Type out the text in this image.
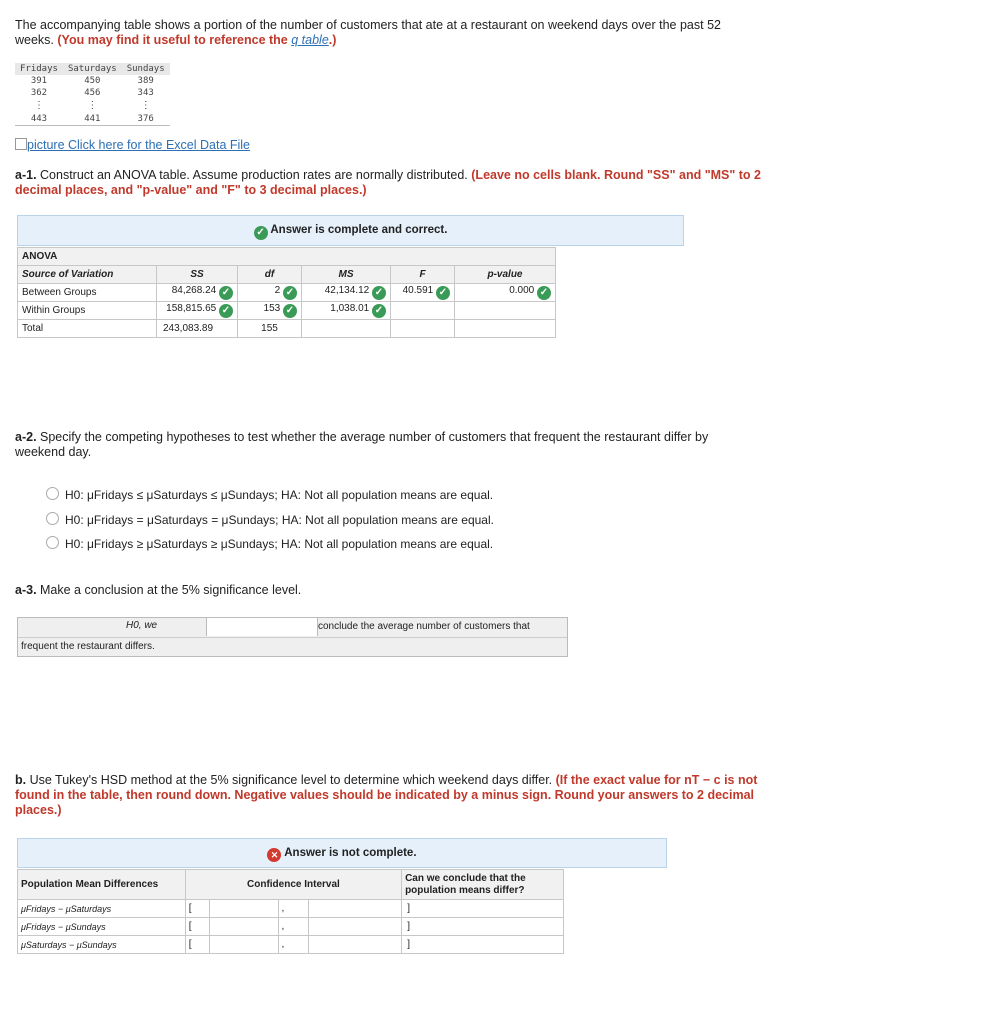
The accompanying table shows a portion of the number of customers that ate at a restaurant on weekend days over the past 52
weeks. (You may find it useful to reference the q table.)
Fridays	Saturdays	Sundays
391	450	389
362	456	343
⋮	⋮	⋮
443	441	376
picture Click here for the Excel Data File
a-1. Construct an ANOVA table. Assume production rates are normally distributed. (Leave no cells blank. Round "SS" and "MS" to 2
decimal places, and "p-value" and "F" to 3 decimal places.)
✓ Answer is complete and correct.
ANOVA					
Source of Variation	SS	df	MS	F	p-value
Between Groups	84,268.24 ✓	2 ✓	42,134.12 ✓	40.591 ✓	0.000 ✓
Within Groups	158,815.65 ✓	153 ✓	1,038.01 ✓		
Total	243,083.89	155			
a-2. Specify the competing hypotheses to test whether the average number of customers that frequent the restaurant differ by
weekend day.
H0: μFridays ≤ μSaturdays ≤ μSundays; HA: Not all population means are equal.
H0: μFridays = μSaturdays = μSundays; HA: Not all population means are equal.
H0: μFridays ≥ μSaturdays ≥ μSundays; HA: Not all population means are equal.
a-3. Make a conclusion at the 5% significance level.
H0, we	conclude the average number of customers that
frequent the restaurant differs.
b. Use Tukey's HSD method at the 5% significance level to determine which weekend days differ. (If the exact value for nT − c is not
found in the table, then round down. Negative values should be indicated by a minus sign. Round your answers to 2 decimal
places.)
✕ Answer is not complete.
Population Mean Differences	Confidence Interval				Can we conclude that the population means differ?
μFridays − μSaturdays	[		,	]	

μFridays − μSundays	[		,	]	

μSaturdays − μSundays	[		,	]	
